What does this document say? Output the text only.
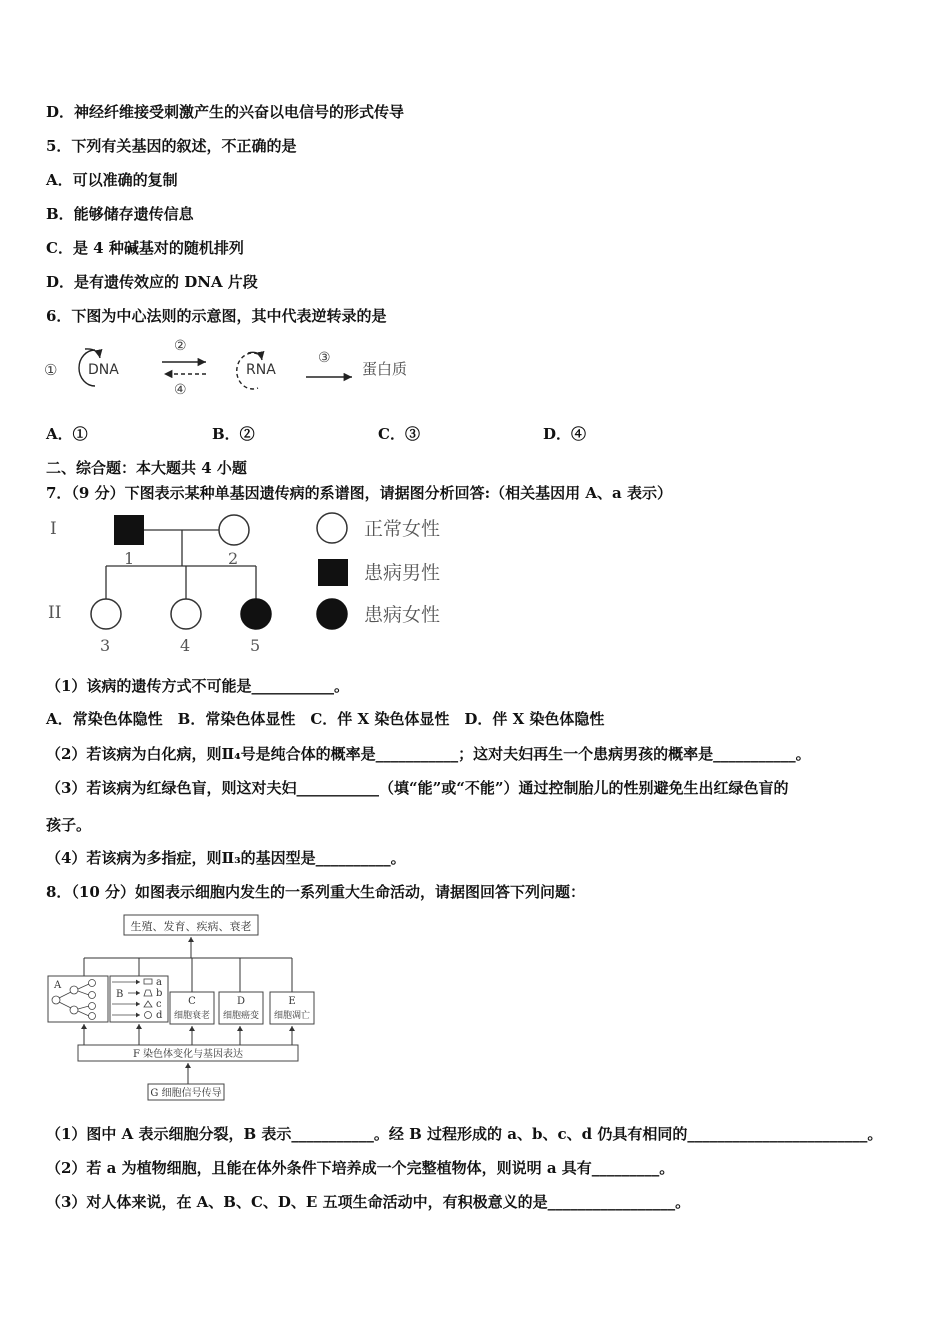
D．神经纤维接受刺激产生的兴奋以电信号的形式传导
5．下列有关基因的叙述，不正确的是
A．可以准确的复制
B．能够储存遗传信息
C．是 4 种碱基对的随机排列
D．是有遗传效应的 DNA 片段
6．下图为中心法则的示意图，其中代表逆转录的是
① DNA
②
④
RNA
③
蛋白质
A．①	B．②	C．③	D．④
二、综合题：本大题共 4 小题
7．（9 分）下图表示某种单基因遗传病的系谱图，请据图分析回答:（相关基因用 A、a 表示）
I
II
1	2
3	4	5
正常女性
患病男性
患病女性
（1）该病的遗传方式不可能是___________。
A．常染色体隐性　B．常染色体显性　C．伴 X 染色体显性　D．伴 X 染色体隐性
（2）若该病为白化病，则Ⅱ₄号是纯合体的概率是___________；这对夫妇再生一个患病男孩的概率是___________。
（3）若该病为红绿色盲，则这对夫妇___________（填“能”或“不能”）通过控制胎儿的性别避免生出红绿色盲的
孩子。
（4）若该病为多指症，则Ⅱ₃的基因型是__________。
8．（10 分）如图表示细胞内发生的一系列重大生命活动，请据图回答下列问题：
生殖、发育、疾病、衰老
A
B
a
b
c
d
C
细胞衰老
D
细胞癌变
E
细胞凋亡
F 染色体变化与基因表达
G 细胞信号传导
（1）图中 A 表示细胞分裂，B 表示___________。经 B 过程形成的 a、b、c、d 仍具有相同的________________________。
（2）若 a 为植物细胞，且能在体外条件下培养成一个完整植物体，则说明 a 具有_________。
（3）对人体来说，在 A、B、C、D、E 五项生命活动中，有积极意义的是_________________。
